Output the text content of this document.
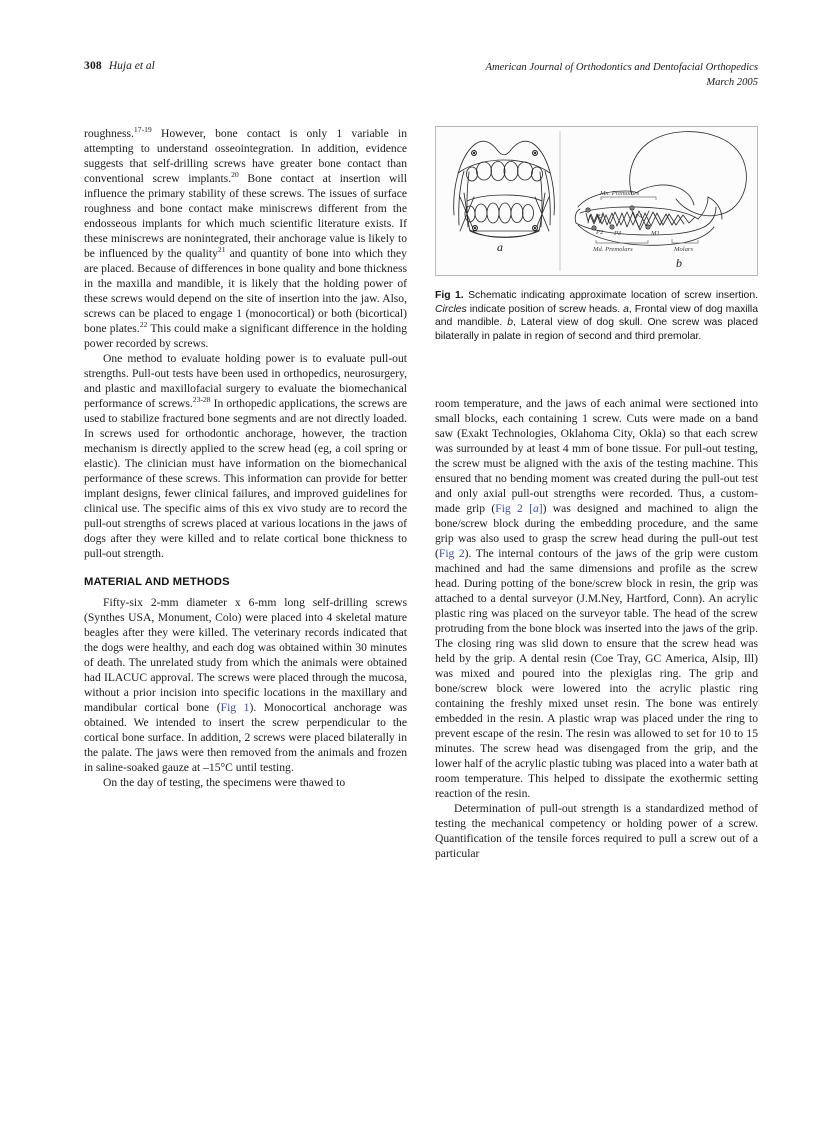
308 Huja et al	American Journal of Orthodontics and Dentofacial Orthopedics
March 2005

roughness.$^{17-19}$ However, bone contact is only 1 variable in attempting to understand osseointegration. In addition, evidence suggests that self-drilling screws have greater bone contact than conventional screw implants.$^{20}$ Bone contact at insertion will influence the primary stability of these screws. The issues of surface roughness and bone contact make miniscrews different from the endosseous implants for which much scientific literature exists. If these miniscrews are nonintegrated, their anchorage value is likely to be influenced by the quality$^{21}$ and quantity of bone into which they are placed. Because of differences in bone quality and bone thickness in the maxilla and mandible, it is likely that the holding power of these screws would depend on the site of insertion into the jaw. Also, screws can be placed to engage 1 (monocortical) or both (bicortical) bone plates.$^{22}$ This could make a significant difference in the holding power recorded by screws.

One method to evaluate holding power is to evaluate pull-out strengths. Pull-out tests have been used in orthopedics, neurosurgery, and plastic and maxillofacial surgery to evaluate the biomechanical performance of screws.$^{23-28}$ In orthopedic applications, the screws are used to stabilize fractured bone segments and are not directly loaded. In screws used for orthodontic anchorage, however, the traction mechanism is directly applied to the screw head (eg, a coil spring or elastic). The clinician must have information on the biomechanical performance of these screws. This information can provide for better implant designs, fewer clinical failures, and improved guidelines for clinical use. The specific aims of this ex vivo study are to record the pull-out strengths of screws placed at various locations in the jaws of dogs after they were killed and to relate cortical bone thickness to pull-out strength.

MATERIAL AND METHODS

Fifty-six 2-mm diameter x 6-mm long self-drilling screws (Synthes USA, Monument, Colo) were placed into 4 skeletal mature beagles after they were killed. The veterinary records indicated that the dogs were healthy, and each dog was obtained within 30 minutes of death. The unrelated study from which the animals were obtained had ILACUC approval. The screws were placed through the mucosa, without a prior incision into specific locations in the maxillary and mandibular cortical bone (Fig 1). Monocortical anchorage was obtained. We intended to insert the screw perpendicular to the cortical bone surface. In addition, 2 screws were placed bilaterally in the palate. The jaws were then removed from the animals and frozen in saline-soaked gauze at –15°C until testing.

On the day of testing, the specimens were thawed to

a
Mx. Premolars
P3	P4
P2 P3	M1
Md. Premolars	Molars
b
Fig 1. Schematic indicating approximate location of screw insertion. Circles indicate position of screw heads. a, Frontal view of dog maxilla and mandible. b, Lateral view of dog skull. One screw was placed bilaterally in palate in region of second and third premolar.

room temperature, and the jaws of each animal were sectioned into small blocks, each containing 1 screw. Cuts were made on a band saw (Exakt Technologies, Oklahoma City, Okla) so that each screw was surrounded by at least 4 mm of bone tissue. For pull-out testing, the screw must be aligned with the axis of the testing machine. This ensured that no bending moment was created during the pull-out test and only axial pull-out strengths were recorded. Thus, a custom-made grip (Fig 2 [a]) was designed and machined to align the bone/screw block during the embedding procedure, and the same grip was also used to grasp the screw head during the pull-out test (Fig 2). The internal contours of the jaws of the grip were custom machined and had the same dimensions and profile as the screw head. During potting of the bone/screw block in resin, the grip was attached to a dental surveyor (J.M.Ney, Hartford, Conn). An acrylic plastic ring was placed on the surveyor table. The head of the screw protruding from the bone block was inserted into the jaws of the grip. The closing ring was slid down to ensure that the screw head was held by the grip. A dental resin (Coe Tray, GC America, Alsip, Ill) was mixed and poured into the plexiglas ring. The grip and bone/screw block were lowered into the acrylic plastic ring containing the freshly mixed unset resin. The bone was entirely embedded in the resin. A plastic wrap was placed under the ring to prevent escape of the resin. The resin was allowed to set for 10 to 15 minutes. The screw head was disengaged from the grip, and the lower half of the acrylic plastic tubing was placed into a water bath at room temperature. This helped to dissipate the exothermic setting reaction of the resin.

Determination of pull-out strength is a standardized method of testing the mechanical competency or holding power of a screw. Quantification of the tensile forces required to pull a screw out of a particular
